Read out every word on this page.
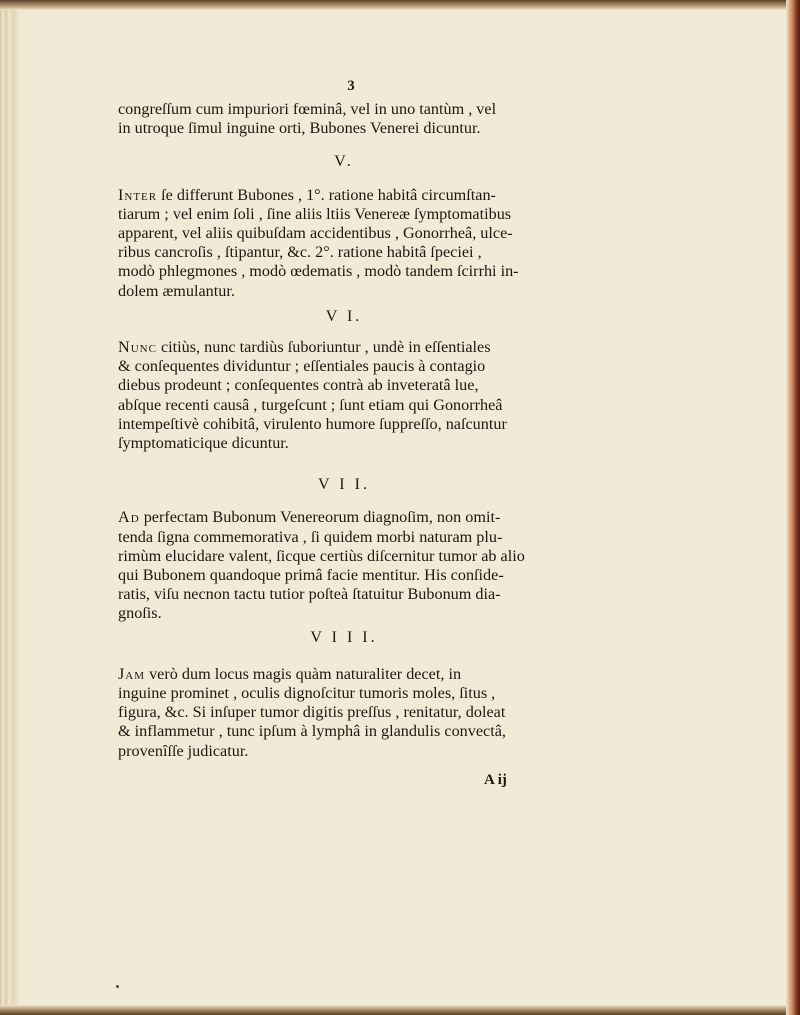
3

congreſſum cum impuriori fœminâ, vel in uno tantùm , vel
in utroque ſimul inguine orti, Bubones Venerei dicuntur.

V.

Inter ſe differunt Bubones , 1°. ratione habitâ circumſtan-
tiarum ; vel enim ſoli , ſine aliis ltiis Venereæ ſymptomatibus
apparent, vel aliis quibuſdam accidentibus , Gonorrheâ, ulce-
ribus cancroſis , ſtipantur, &c. 2°. ratione habitâ ſpeciei ,
modò phlegmones , modò œdematis , modò tandem ſcirrhi in-
dolem æmulantur.

V I.

Nunc citiùs, nunc tardiùs ſuboriuntur , undè in eſſentiales
& conſequentes dividuntur ; eſſentiales paucis à contagio
diebus prodeunt ; conſequentes contrà ab inveteratâ lue,
abſque recenti causâ , turgeſcunt ; ſunt etiam qui Gonorrheâ
intempeſtivè cohibitâ, virulento humore ſuppreſſo, naſcuntur
ſymptomaticique dicuntur.

V I I.

Ad perfectam Bubonum Venereorum diagnoſim, non omit-
tenda ſigna commemorativa , ſi quidem morbi naturam plu-
rimùm elucidare valent, ſicque certiùs diſcernitur tumor ab alio
qui Bubonem quandoque primâ facie mentitur. His conſide-
ratis, viſu necnon tactu tutior poſteà ſtatuitur Bubonum dia-
gnoſis.

V I I I.

Jam verò dum locus magis quàm naturaliter decet, in
inguine prominet , oculis dignoſcitur tumoris moles, ſitus ,
figura, &c. Si inſuper tumor digitis preſſus , renitatur, doleat
& inflammetur , tunc ipſum à lymphâ in glandulis convectâ,
provenîſſe judicatur.

A ij
